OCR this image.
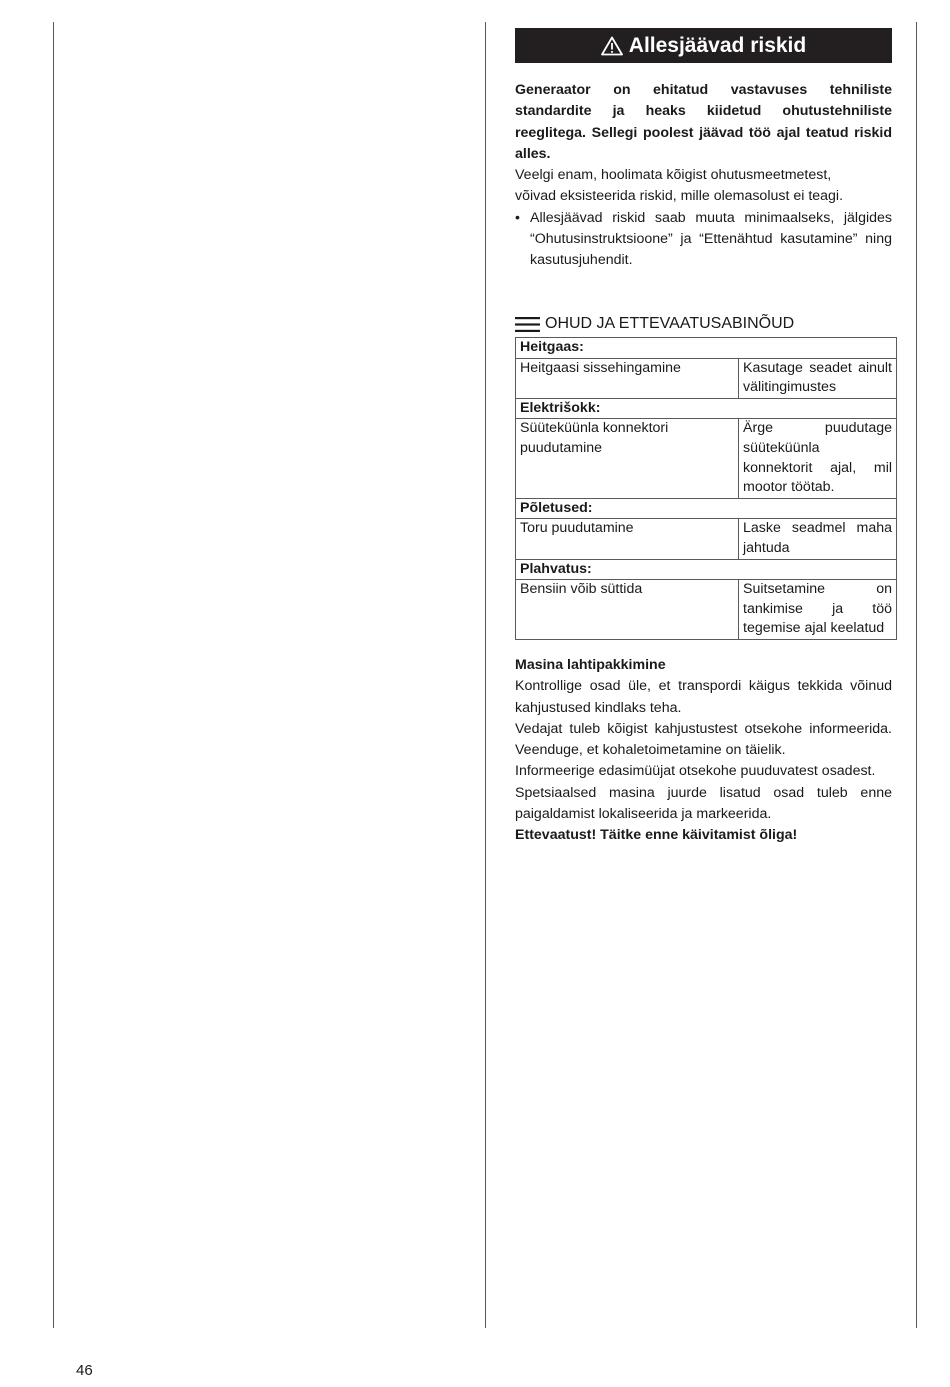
Allesjäävad riskid

Generaator on ehitatud vastavuses tehniliste standardite ja heaks kiidetud ohutustehniliste reeglitega. Sellegi poolest jäävad töö ajal teatud riskid alles.

Veelgi enam, hoolimata kõigist ohutusmeetmetest,

võivad eksisteerida riskid, mille olemasolust ei teagi.

• Allesjäävad riskid saab muuta minimaalseks, jälgides “Ohutusinstruktsioone” ja “Ettenähtud kasutamine” ning kasutusjuhendit.
OHUD JA ETTEVAATUSABINÕUD
Heitgaas:	
Heitgaasi sissehingamine	Kasutage seadet ainult välitingimustes
Elektrišokk:	
Süüteküünla konnektori puudutamine	Ärge puudutage süüteküünla konnektorit ajal, mil mootor töötab.
Põletused:	
Toru puudutamine	Laske seadmel maha jahtuda
Plahvatus:	
Bensiin võib süttida	Suitsetamine on tankimise ja töö tegemise ajal keelatud

Masina lahtipakkimine

Kontrollige osad üle, et transpordi käigus tekkida võinud kahjustused kindlaks teha.

Vedajat tuleb kõigist kahjustustest otsekohe informeerida. Veenduge, et kohaletoimetamine on täielik.

Informeerige edasimüüjat otsekohe puuduvatest osadest.

Spetsiaalsed masina juurde lisatud osad tuleb enne paigaldamist lokaliseerida ja markeerida.

Ettevaatust! Täitke enne käivitamist õliga!

46
